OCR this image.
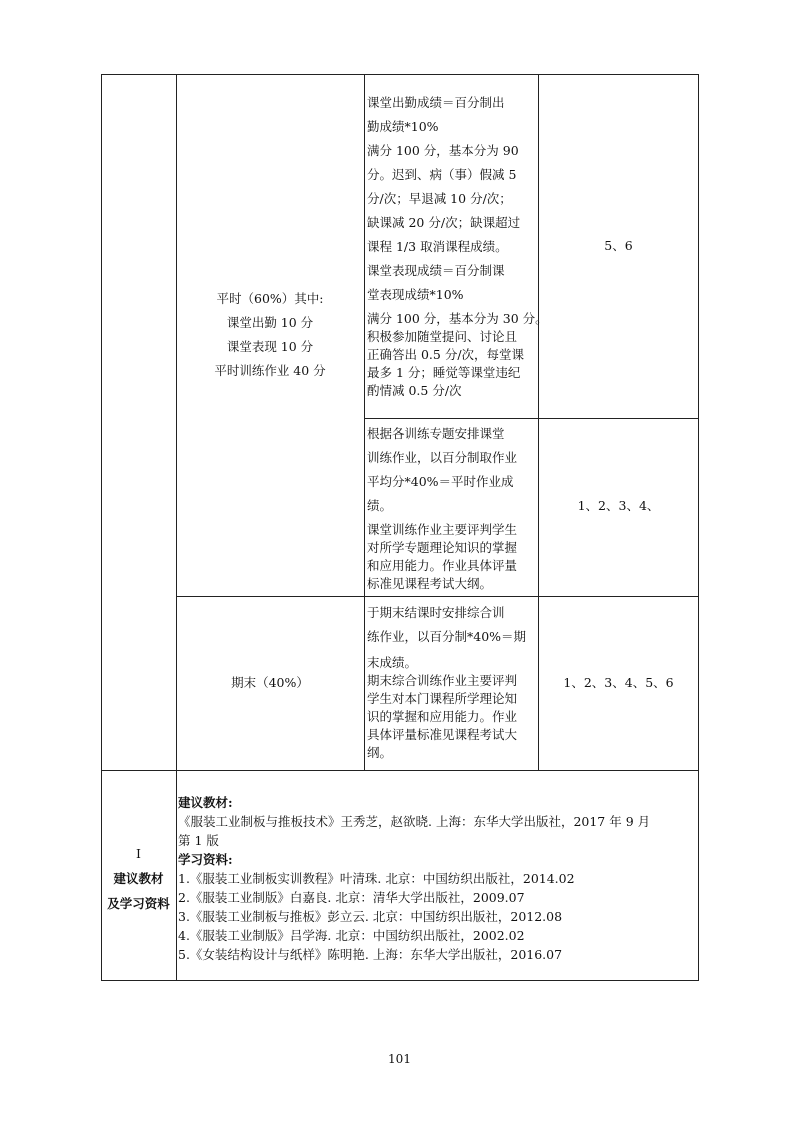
平时（60%）其中:
课堂出勤 10 分
课堂表现 10 分
平时训练作业 40 分
课堂出勤成绩＝百分制出
勤成绩*10%
满分 100 分，基本分为 90
分。迟到、病（事）假减 5
分/次；早退减 10 分/次；
缺课减 20 分/次；缺课超过
课程 1/3 取消课程成绩。
课堂表现成绩＝百分制课
堂表现成绩*10%
满分 100 分，基本分为 30 分。
积极参加随堂提问、讨论且
正确答出 0.5 分/次，每堂课
最多 1 分；睡觉等课堂违纪
酌情减 0.5 分/次
5、6
根据各训练专题安排课堂
训练作业，以百分制取作业
平均分*40%＝平时作业成
绩。
课堂训练作业主要评判学生
对所学专题理论知识的掌握
和应用能力。作业具体评量
标准见课程考试大纲。
1、2、3、4、
期末（40%）
于期末结课时安排综合训
练作业，以百分制*40%＝期
末成绩。
期末综合训练作业主要评判
学生对本门课程所学理论知
识的掌握和应用能力。作业
具体评量标准见课程考试大
纲。
1、2、3、4、5、6
I
建议教材
及学习资料
建议教材:
《服装工业制板与推板技术》王秀芝，赵欲晓. 上海：东华大学出版社，2017 年 9 月
第 1 版
学习资料:
1.《服装工业制板实训教程》叶清珠. 北京：中国纺织出版社，2014.02
2.《服装工业制版》白嘉良. 北京：清华大学出版社，2009.07
3.《服装工业制板与推板》彭立云. 北京：中国纺织出版社，2012.08
4.《服装工业制版》吕学海. 北京：中国纺织出版社，2002.02
5.《女装结构设计与纸样》陈明艳. 上海：东华大学出版社，2016.07
101
